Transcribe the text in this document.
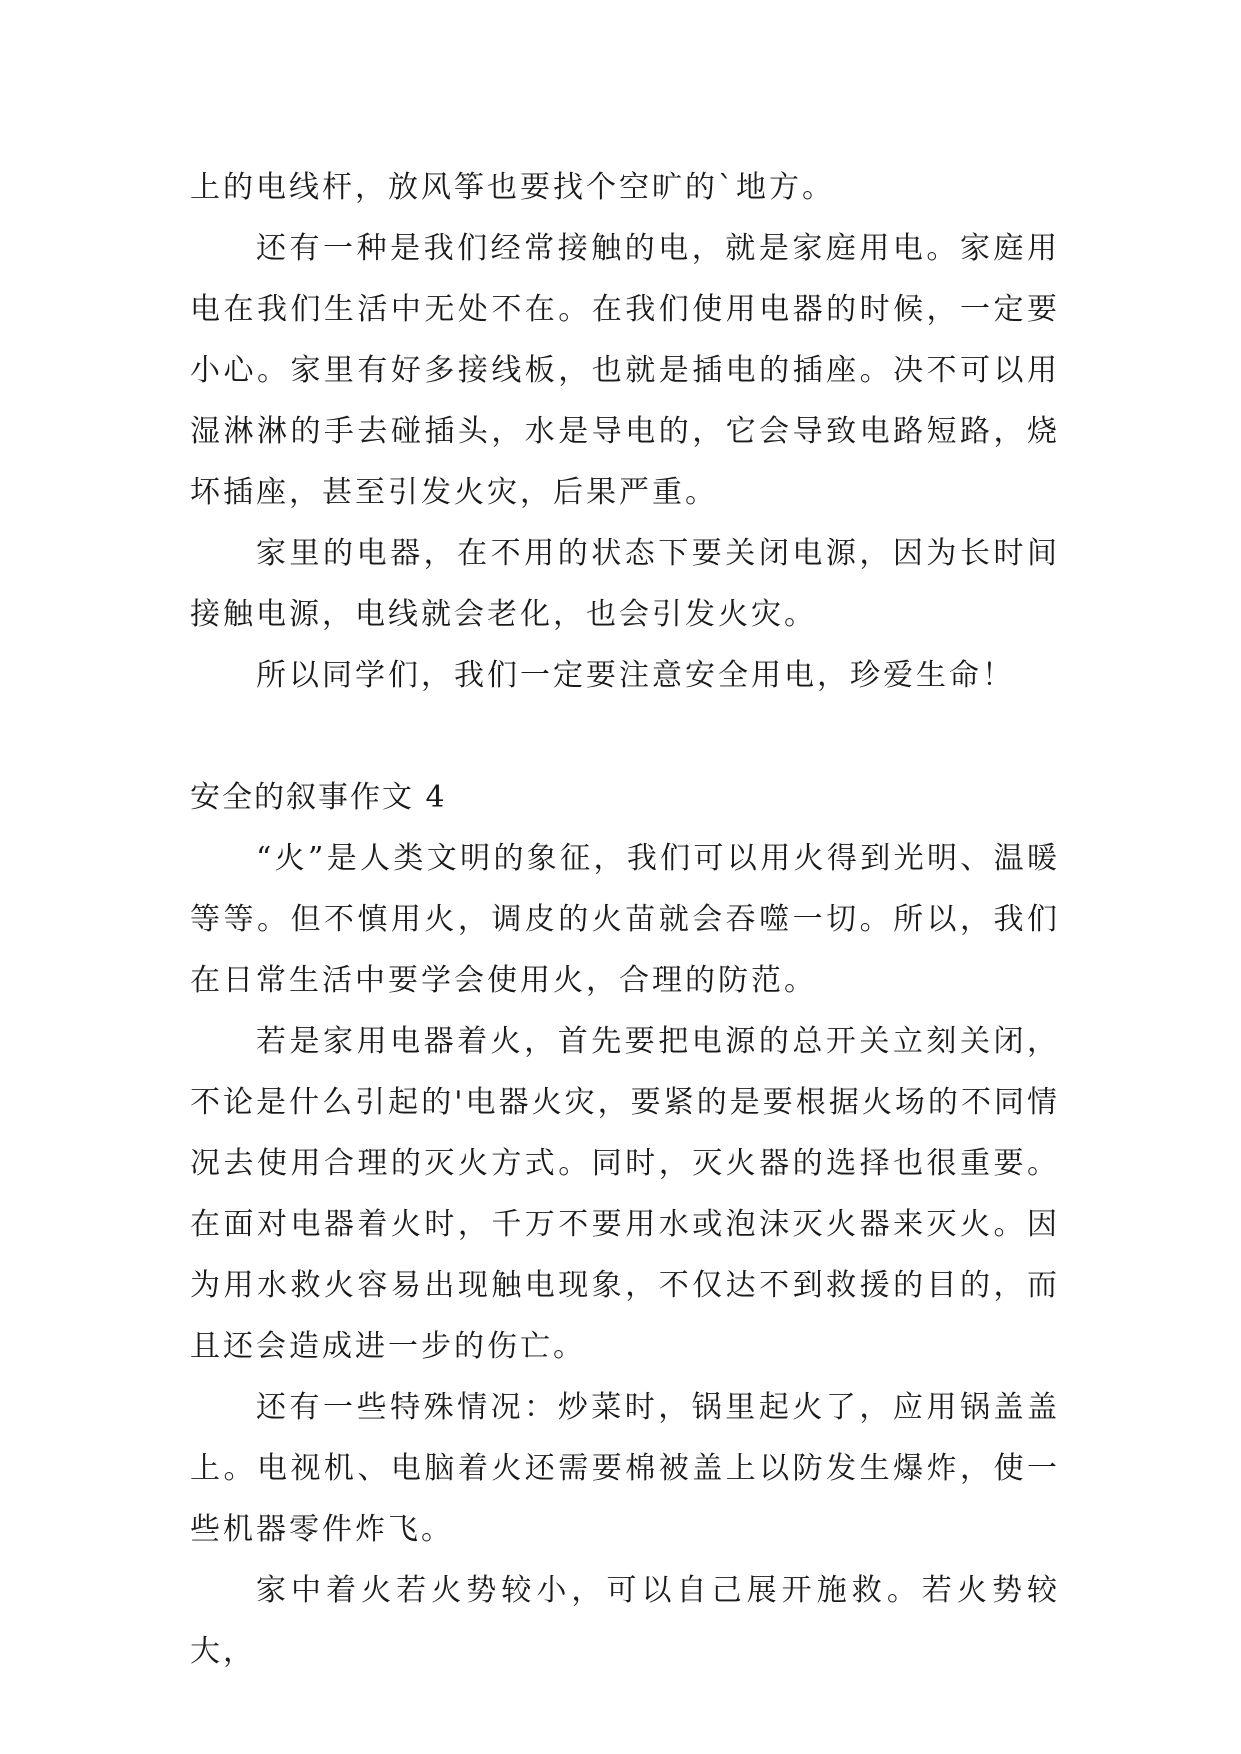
上的电线杆，放风筝也要找个空旷的`地方。

还有一种是我们经常接触的电，就是家庭用电。家庭用电在我们生活中无处不在。在我们使用电器的时候，一定要小心。家里有好多接线板，也就是插电的插座。决不可以用湿淋淋的手去碰插头，水是导电的，它会导致电路短路，烧坏插座，甚至引发火灾，后果严重。

家里的电器，在不用的状态下要关闭电源，因为长时间接触电源，电线就会老化，也会引发火灾。

所以同学们，我们一定要注意安全用电，珍爱生命！

安全的叙事作文 4

“火”是人类文明的象征，我们可以用火得到光明、温暖等等。但不慎用火，调皮的火苗就会吞噬一切。所以，我们在日常生活中要学会使用火，合理的防范。

若是家用电器着火，首先要把电源的总开关立刻关闭，不论是什么引起的'电器火灾，要紧的是要根据火场的不同情况去使用合理的灭火方式。同时，灭火器的选择也很重要。在面对电器着火时，千万不要用水或泡沫灭火器来灭火。因为用水救火容易出现触电现象，不仅达不到救援的目的，而且还会造成进一步的伤亡。

还有一些特殊情况：炒菜时，锅里起火了，应用锅盖盖上。电视机、电脑着火还需要棉被盖上以防发生爆炸，使一些机器零件炸飞。

家中着火若火势较小，可以自己展开施救。若火势较大，
